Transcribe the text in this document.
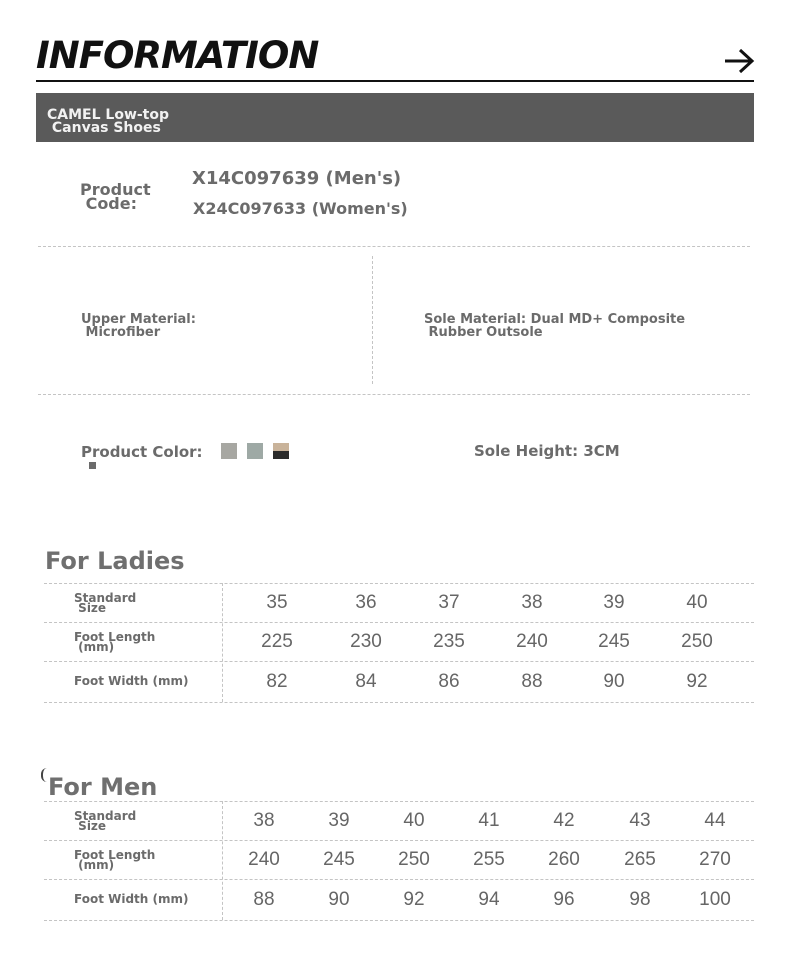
INFORMATION
CAMEL Low-top
Canvas Shoes
Product
Code:
X14C097639 (Men's)
X24C097633 (Women's)
Upper Material:
Microfiber
Sole Material: Dual MD+ Composite
Rubber Outsole
Product Color:	Sole Height: 3CM
For Ladies
Standard
Size	35	36	37	38	39	40
Foot Length
(mm)	225	230	235	240	245	250
Foot Width (mm)	82	84	86	88	90	92
For Men
Standard
Size	38	39	40	41	42	43	44
Foot Length
(mm)	240	245	250	255	260	265	270
Foot Width (mm)	88	90	92	94	96	98	100
